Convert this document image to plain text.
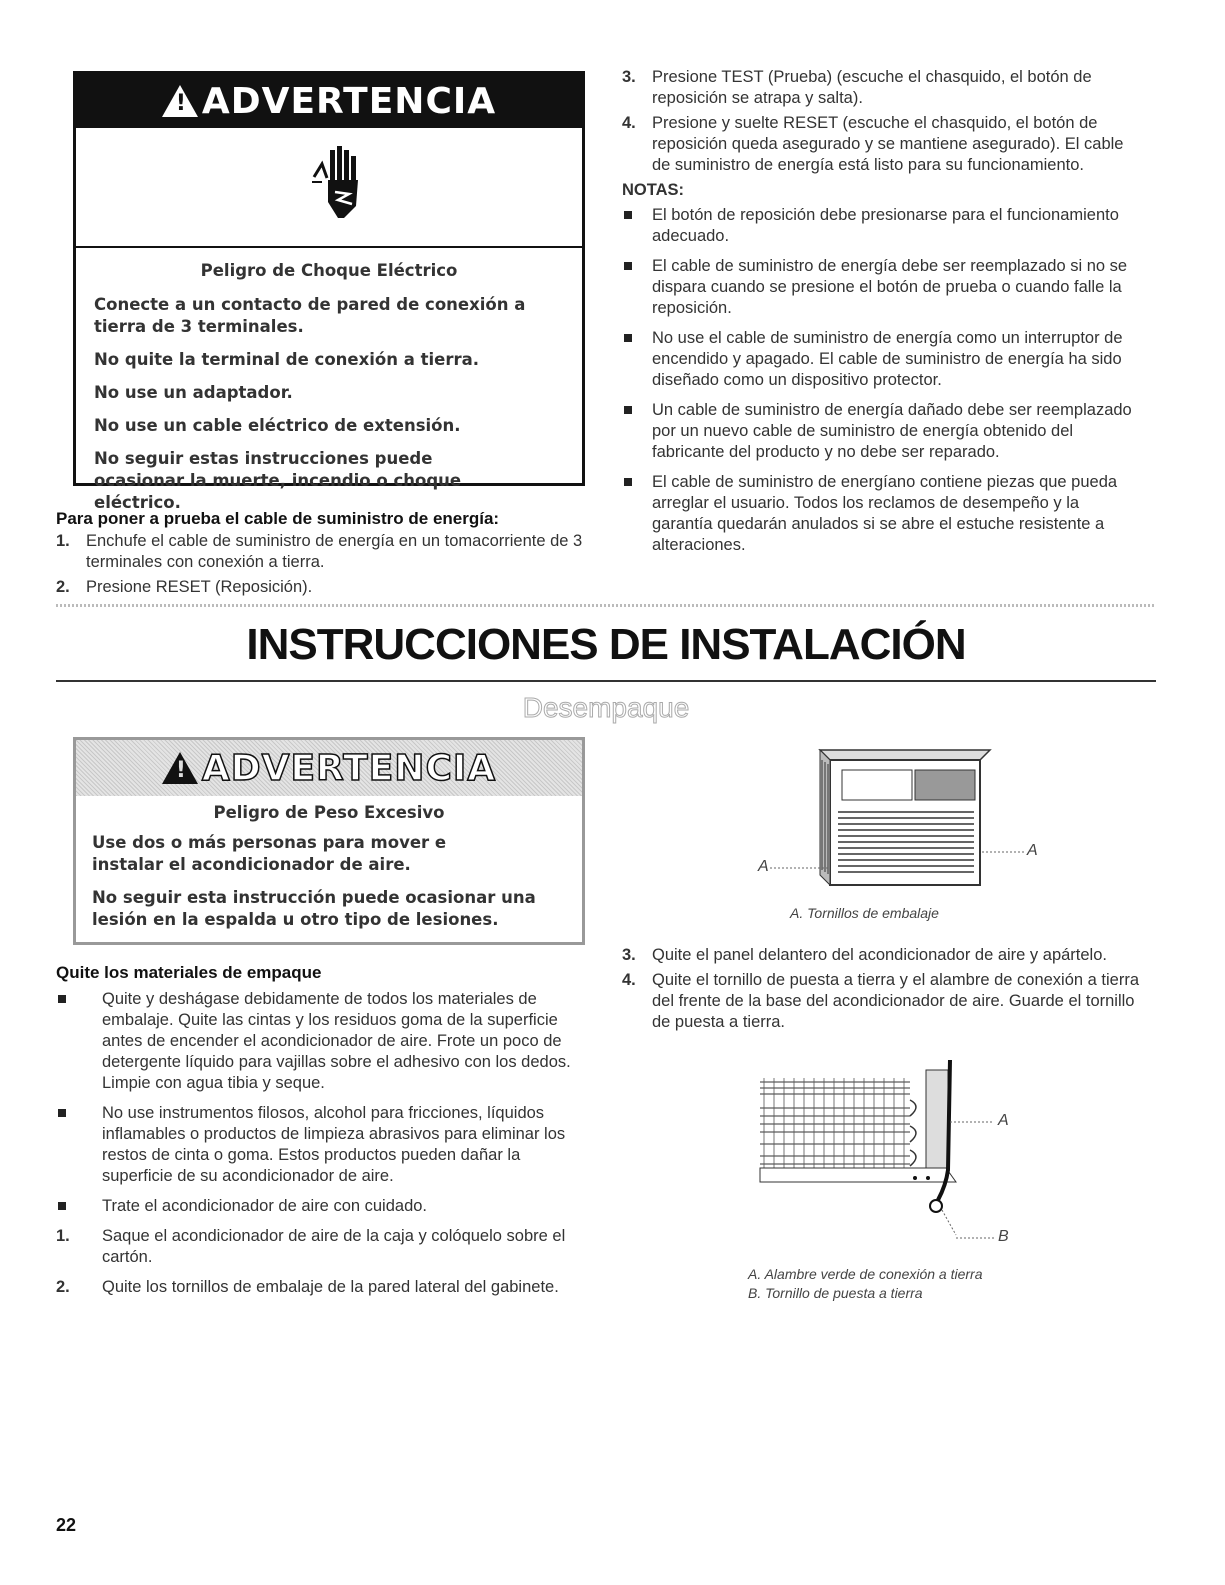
!
ADVERTENCIA

Peligro de Choque Eléctrico

Conecte a un contacto de pared de conexión a tierra de 3 terminales.

No quite la terminal de conexión a tierra.

No use un adaptador.

No use un cable eléctrico de extensión.

No seguir estas instrucciones puede ocasionar la muerte, incendio o choque eléctrico.

Para poner a prueba el cable de suministro de energía:
1. Enchufe el cable de suministro de energía en un tomacorriente de 3 terminales con conexión a tierra.
2. Presione RESET (Reposición).
3. Presione TEST (Prueba) (escuche el chasquido, el botón de reposición se atrapa y salta).
4. Presione y suelte RESET (escuche el chasquido, el botón de reposición queda asegurado y se mantiene asegurado). El cable de suministro de energía está listo para su funcionamiento.
NOTAS:
El botón de reposición debe presionarse para el funcionamiento adecuado.
El cable de suministro de energía debe ser reemplazado si no se dispara cuando se presione el botón de prueba o cuando falle la reposición.
No use el cable de suministro de energía como un interruptor de encendido y apagado. El cable de suministro de energía ha sido diseñado como un dispositivo protector.
Un cable de suministro de energía dañado debe ser reemplazado por un nuevo cable de suministro de energía obtenido del fabricante del producto y no debe ser reparado.
El cable de suministro de energíano contiene piezas que pueda arreglar el usuario. Todos los reclamos de desempeño y la garantía quedarán anulados si se abre el estuche resistente a alteraciones.
INSTRUCCIONES DE INSTALACIÓN
Desempaque
!
ADVERTENCIA

Peligro de Peso Excesivo

Use dos o más personas para mover e instalar el acondicionador de aire.

No seguir esta instrucción puede ocasionar una lesión en la espalda u otro tipo de lesiones.

Quite los materiales de empaque
Quite y deshágase debidamente de todos los materiales de embalaje. Quite las cintas y los residuos goma de la superficie antes de encender el acondicionador de aire. Frote un poco de detergente líquido para vajillas sobre el adhesivo con los dedos. Limpie con agua tibia y seque.
No use instrumentos filosos, alcohol para fricciones, líquidos inflamables o productos de limpieza abrasivos para eliminar los restos de cinta o goma. Estos productos pueden dañar la superficie de su acondicionador de aire.
Trate el acondicionador de aire con cuidado.
1. Saque el acondicionador de aire de la caja y colóquelo sobre el cartón.
2. Quite los tornillos de embalaje de la pared lateral del gabinete.
A
A
A. Tornillos de embalaje
3. Quite el panel delantero del acondicionador de aire y apártelo.
4. Quite el tornillo de puesta a tierra y el alambre de conexión a tierra del frente de la base del acondicionador de aire. Guarde el tornillo de puesta a tierra.
A
B
A. Alambre verde de conexión a tierra
B. Tornillo de puesta a tierra
22
